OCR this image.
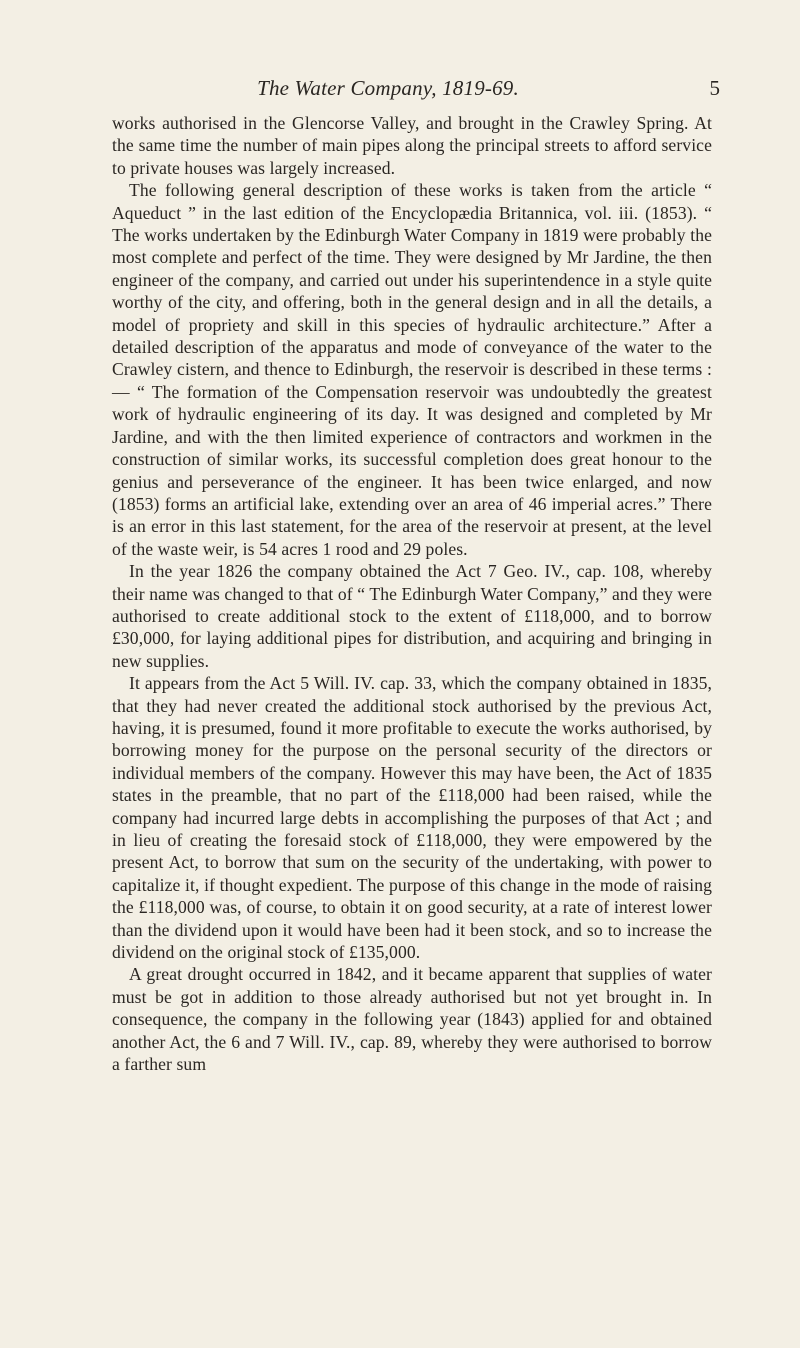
The Water Company, 1819-69.	5

works authorised in the Glencorse Valley, and brought in the Crawley Spring. At the same time the number of main pipes along the principal streets to afford service to private houses was largely increased.

The following general description of these works is taken from the article “ Aqueduct ” in the last edition of the Encyclopædia Britannica, vol. iii. (1853). “ The works undertaken by the Edinburgh Water Company in 1819 were probably the most complete and perfect of the time. They were designed by Mr Jardine, the then engineer of the company, and carried out under his superintendence in a style quite worthy of the city, and offering, both in the general design and in all the details, a model of propriety and skill in this species of hydraulic architecture.” After a detailed description of the apparatus and mode of conveyance of the water to the Crawley cistern, and thence to Edinburgh, the reservoir is described in these terms :— “ The formation of the Compensation reservoir was undoubtedly the greatest work of hydraulic engineering of its day. It was designed and completed by Mr Jardine, and with the then limited experience of contractors and workmen in the construction of similar works, its successful completion does great honour to the genius and perseverance of the engineer. It has been twice enlarged, and now (1853) forms an artificial lake, extending over an area of 46 imperial acres.” There is an error in this last statement, for the area of the reservoir at present, at the level of the waste weir, is 54 acres 1 rood and 29 poles.

In the year 1826 the company obtained the Act 7 Geo. IV., cap. 108, whereby their name was changed to that of “ The Edinburgh Water Company,” and they were authorised to create additional stock to the extent of £118,000, and to borrow £30,000, for laying additional pipes for distribution, and acquiring and bringing in new supplies.

It appears from the Act 5 Will. IV. cap. 33, which the company obtained in 1835, that they had never created the additional stock authorised by the previous Act, having, it is presumed, found it more profitable to execute the works authorised, by borrowing money for the purpose on the personal security of the directors or individual members of the company. However this may have been, the Act of 1835 states in the preamble, that no part of the £118,000 had been raised, while the company had incurred large debts in accomplishing the purposes of that Act ; and in lieu of creating the foresaid stock of £118,000, they were empowered by the present Act, to borrow that sum on the security of the undertaking, with power to capitalize it, if thought expedient. The purpose of this change in the mode of raising the £118,000 was, of course, to obtain it on good security, at a rate of interest lower than the dividend upon it would have been had it been stock, and so to increase the dividend on the original stock of £135,000.

A great drought occurred in 1842, and it became apparent that supplies of water must be got in addition to those already authorised but not yet brought in. In consequence, the company in the following year (1843) applied for and obtained another Act, the 6 and 7 Will. IV., cap. 89, whereby they were authorised to borrow a farther sum
